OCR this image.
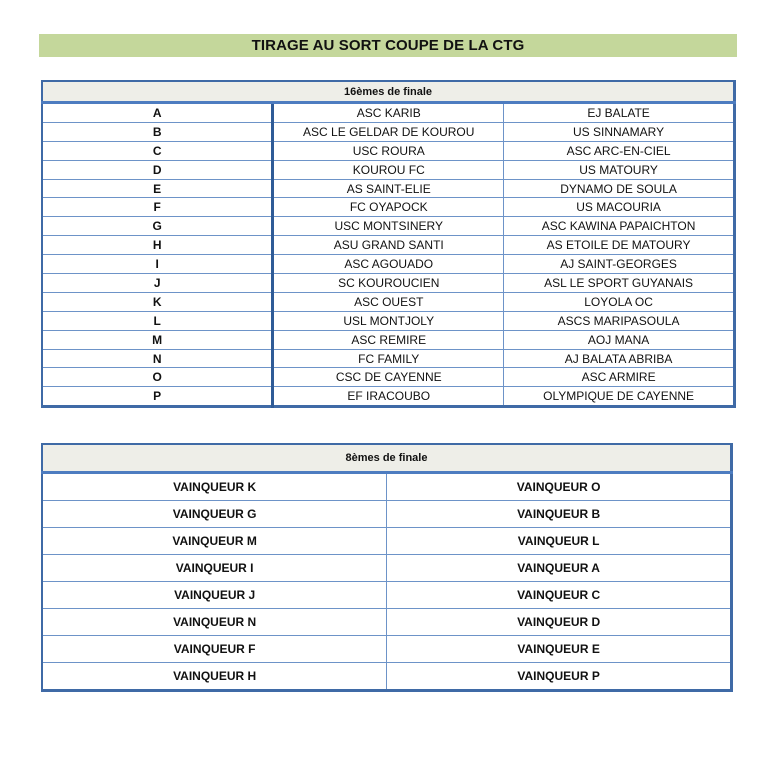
TIRAGE AU SORT COUPE DE LA CTG
16èmes de finale		
A	ASC KARIB	EJ BALATE
B	ASC LE GELDAR DE KOUROU	US SINNAMARY
C	USC ROURA	ASC ARC-EN-CIEL
D	KOUROU FC	US MATOURY
E	AS SAINT-ELIE	DYNAMO DE SOULA
F	FC OYAPOCK	US MACOURIA
G	USC MONTSINERY	ASC KAWINA PAPAICHTON
H	ASU GRAND SANTI	AS ETOILE DE MATOURY
I	ASC AGOUADO	AJ SAINT-GEORGES
J	SC KOUROUCIEN	ASL LE SPORT GUYANAIS
K	ASC OUEST	LOYOLA OC
L	USL MONTJOLY	ASCS MARIPASOULA
M	ASC REMIRE	AOJ MANA
N	FC FAMILY	AJ BALATA ABRIBA
O	CSC DE CAYENNE	ASC ARMIRE
P	EF IRACOUBO	OLYMPIQUE DE CAYENNE
8èmes de finale	
VAINQUEUR K	VAINQUEUR O
VAINQUEUR G	VAINQUEUR B
VAINQUEUR M	VAINQUEUR L
VAINQUEUR I	VAINQUEUR A
VAINQUEUR J	VAINQUEUR C
VAINQUEUR N	VAINQUEUR D
VAINQUEUR F	VAINQUEUR E
VAINQUEUR H	VAINQUEUR P
